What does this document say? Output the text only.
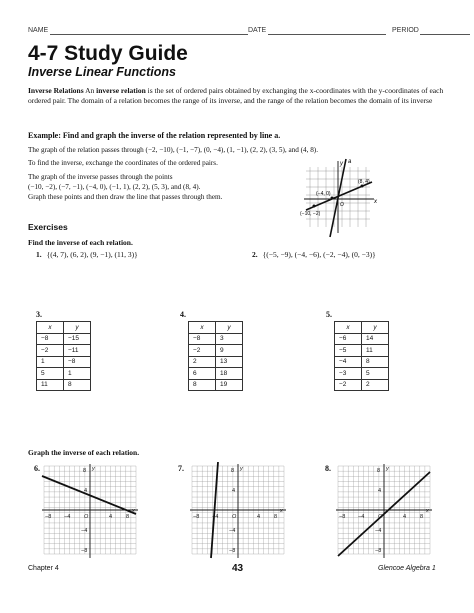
NAME	DATE	PERIOD
4-7 Study Guide
Inverse Linear Functions
Inverse Relations An inverse relation is the set of ordered pairs obtained by exchanging the x-coordinates with the y-coordinates of each ordered pair. The domain of a relation becomes the range of its inverse, and the range of the relation becomes the domain of its inverse
Example: Find and graph the inverse of the relation represented by line a.
The graph of the relation passes through (−2, −10), (−1, −7), (0, −4), (1, −1), (2, 2), (3, 5), and (4, 8).
To find the inverse, exchange the coordinates of the ordered pairs.
The graph of the inverse passes through the points
(−10, −2), (−7, −1), (−4, 0), (−1, 1), (2, 2), (5, 3), and (8, 4).
Graph these points and then draw the line that passes through them.
y
x
a
(8, 4)
(−4, 0)
(−10, −2)
O
Exercises
Find the inverse of each relation.
1. {(4, 7), (6, 2), (9, −1), (11, 3)}	2. {(−5, −9), (−4, −6), (−2, −4), (0, −3)}
3.
x	y
−8	−15
−2	−11
1	−8
5	1
11	8
4.
x	y
−8	3
−2	9
2	13
6	18
8	19
5.
x	y
−6	14
−5	11
−4	8
−3	5
−2	2
Graph the inverse of each relation.
6.	7.	8.
y
x
O
−8 −4	4	8
8
4
−4
−8
y
x
O
−8 −4	4	8
8
4
−4
−8
y
x
O
−8 −4	4	8
8
4
−4
−8
Chapter 4	43	Glencoe Algebra 1
